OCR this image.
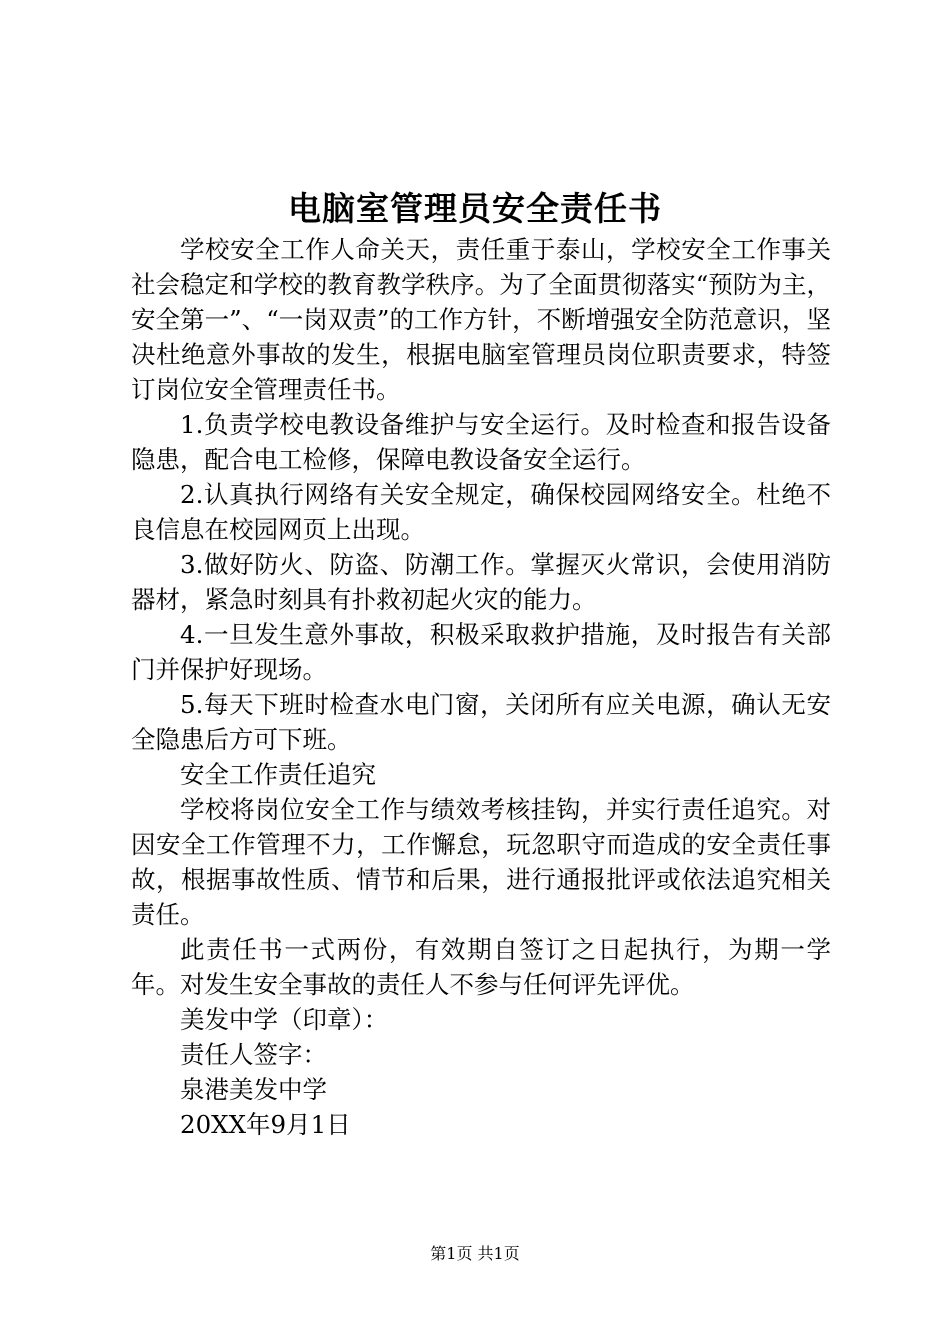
电脑室管理员安全责任书

学校安全工作人命关天，责任重于泰山，学校安全工作事关社会稳定和学校的教育教学秩序。为了全面贯彻落实“预防为主，安全第一”、“一岗双责”的工作方针，不断增强安全防范意识，坚决杜绝意外事故的发生，根据电脑室管理员岗位职责要求，特签订岗位安全管理责任书。

1.负责学校电教设备维护与安全运行。及时检查和报告设备隐患，配合电工检修，保障电教设备安全运行。

2.认真执行网络有关安全规定，确保校园网络安全。杜绝不良信息在校园网页上出现。

3.做好防火、防盗、防潮工作。掌握灭火常识，会使用消防器材，紧急时刻具有扑救初起火灾的能力。

4.一旦发生意外事故，积极采取救护措施，及时报告有关部门并保护好现场。

5.每天下班时检查水电门窗，关闭所有应关电源，确认无安全隐患后方可下班。

安全工作责任追究

学校将岗位安全工作与绩效考核挂钩，并实行责任追究。对因安全工作管理不力，工作懈怠，玩忽职守而造成的安全责任事故，根据事故性质、情节和后果，进行通报批评或依法追究相关责任。

此责任书一式两份，有效期自签订之日起执行，为期一学年。对发生安全事故的责任人不参与任何评先评优。

美发中学（印章）：

责任人签字：

泉港美发中学

20XX年9月1日

第1页 共1页
